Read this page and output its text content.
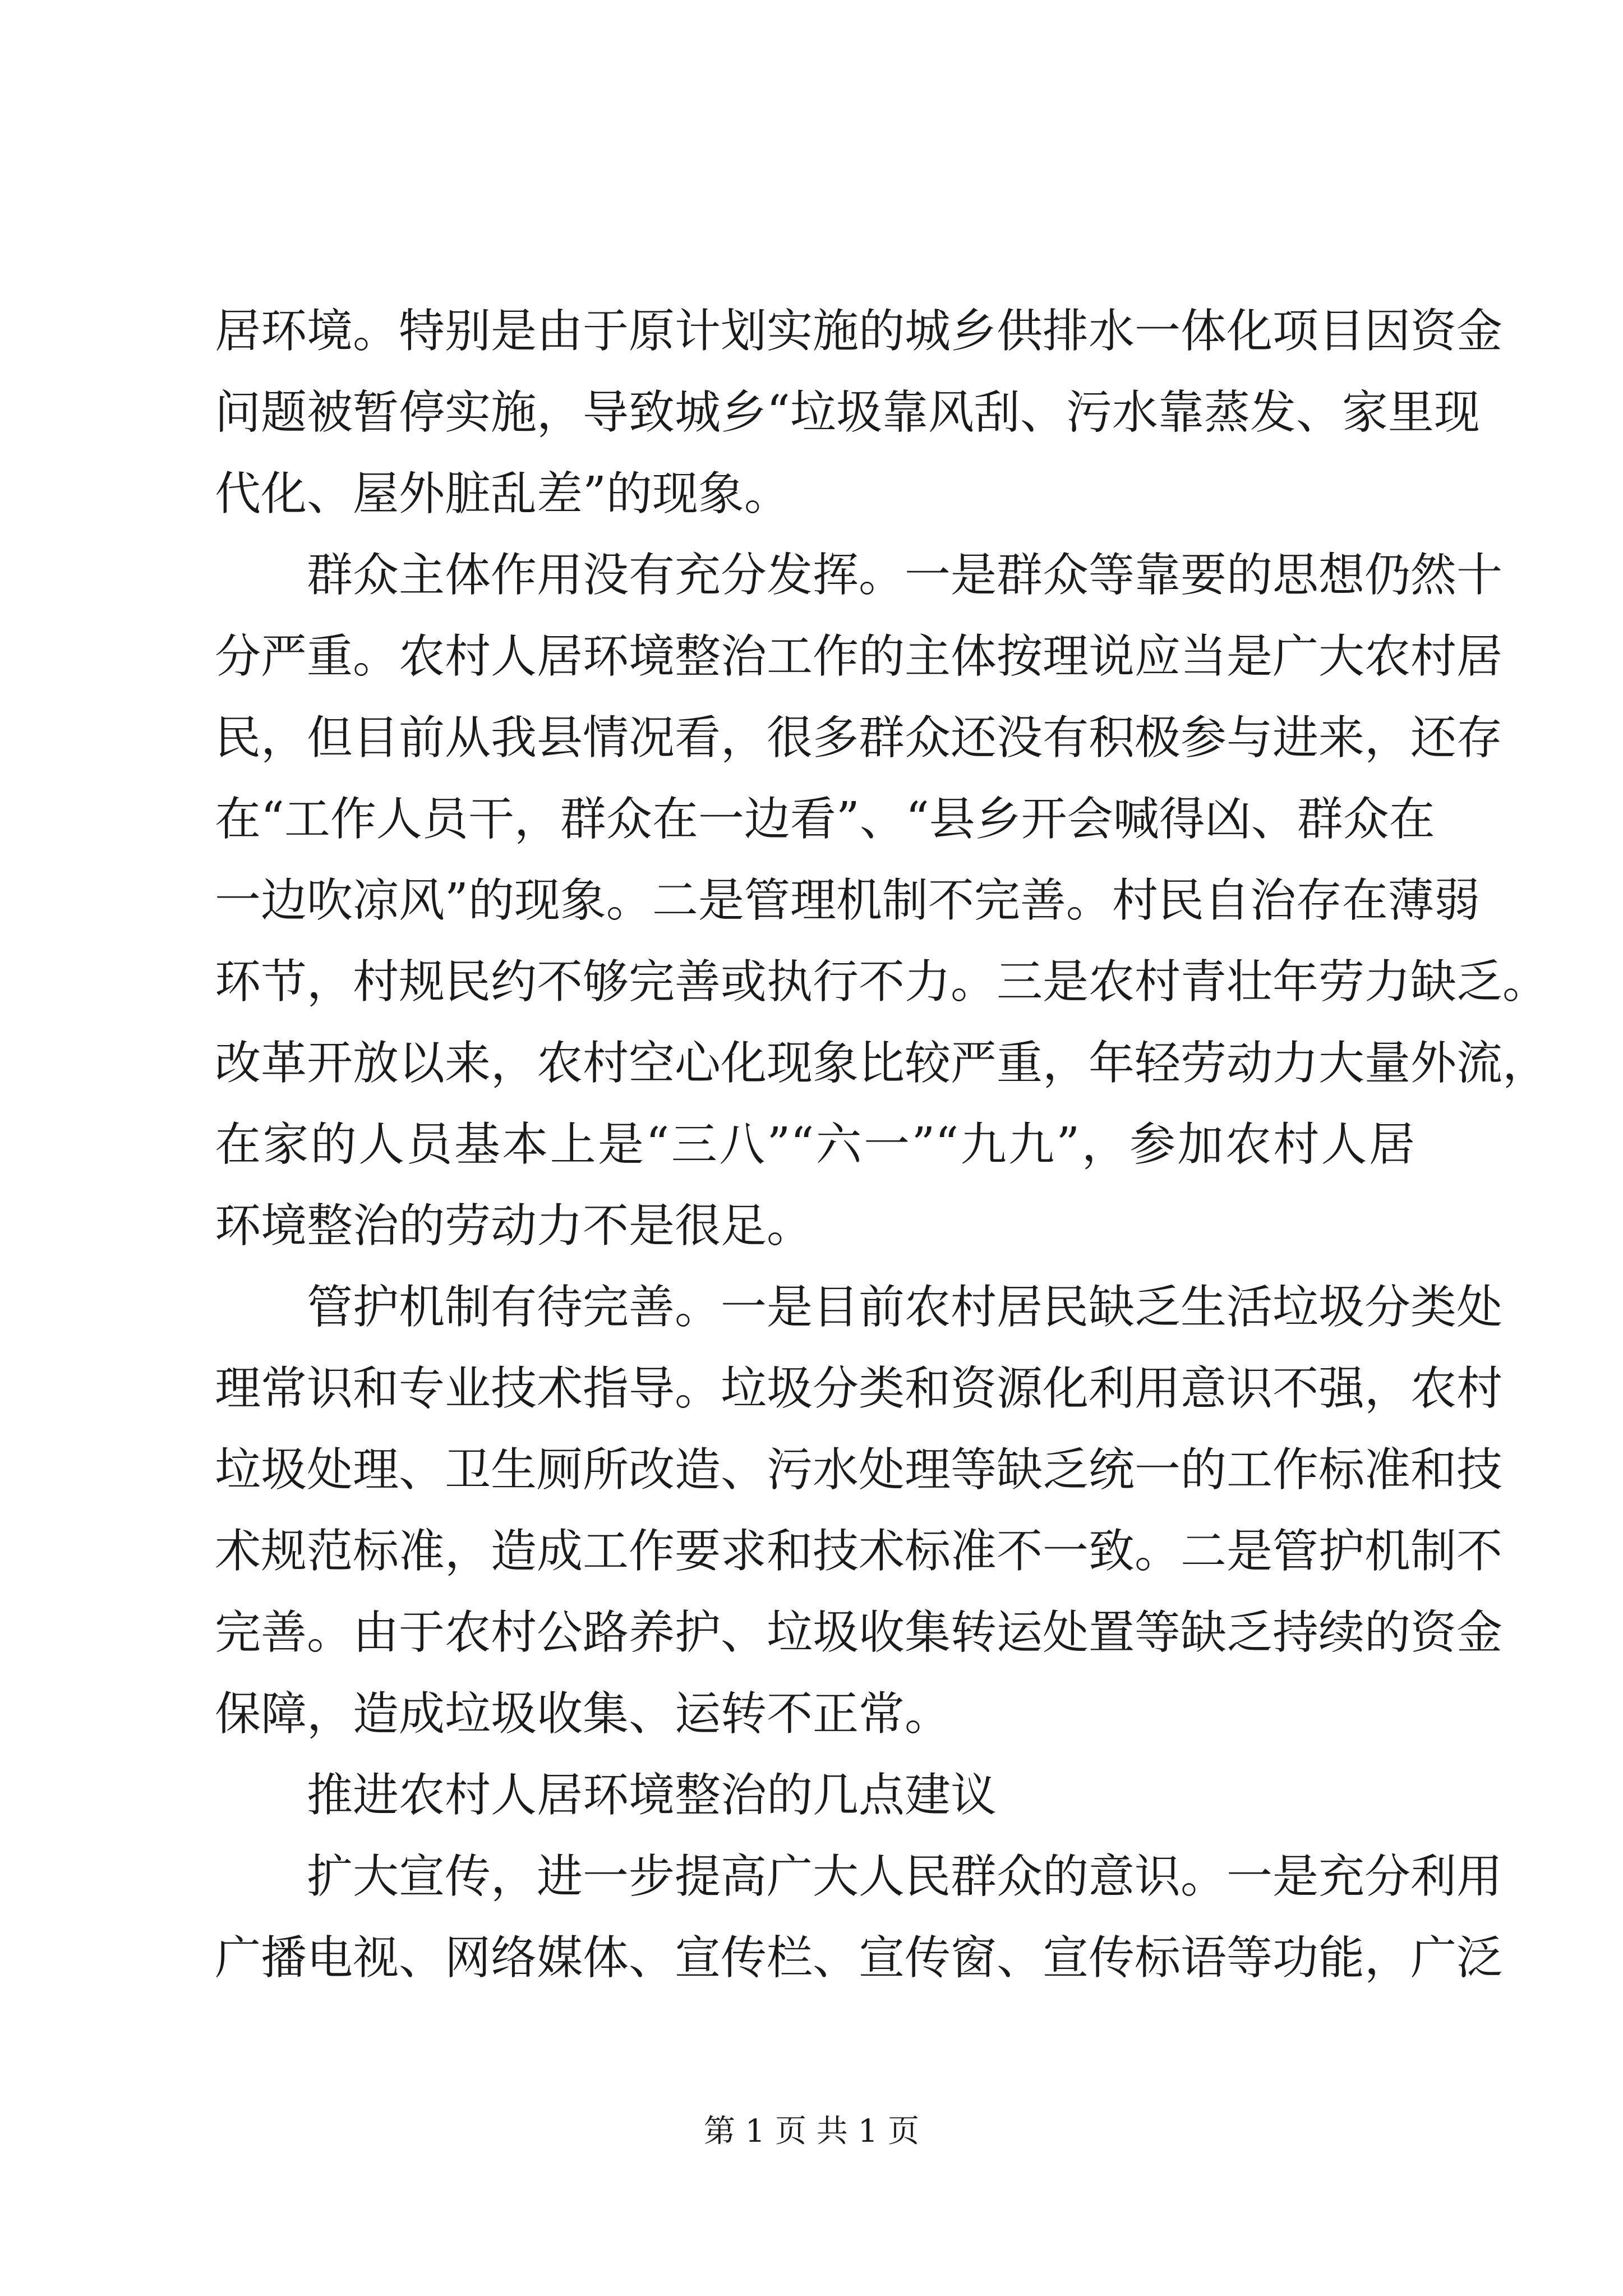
居环境。特别是由于原计划实施的城乡供排水一体化项目因资金
问题被暂停实施，导致城乡“垃圾靠风刮、污水靠蒸发、家里现
代化、屋外脏乱差”的现象。
群众主体作用没有充分发挥。一是群众等靠要的思想仍然十
分严重。农村人居环境整治工作的主体按理说应当是广大农村居
民，但目前从我县情况看，很多群众还没有积极参与进来，还存
在“工作人员干，群众在一边看”、“县乡开会喊得凶、群众在
一边吹凉风”的现象。二是管理机制不完善。村民自治存在薄弱
环节，村规民约不够完善或执行不力。三是农村青壮年劳力缺乏。
改革开放以来，农村空心化现象比较严重，年轻劳动力大量外流，
在家的人员基本上是“三八”“六一”“九九”，参加农村人居
环境整治的劳动力不是很足。
管护机制有待完善。一是目前农村居民缺乏生活垃圾分类处
理常识和专业技术指导。垃圾分类和资源化利用意识不强，农村
垃圾处理、卫生厕所改造、污水处理等缺乏统一的工作标准和技
术规范标准，造成工作要求和技术标准不一致。二是管护机制不
完善。由于农村公路养护、垃圾收集转运处置等缺乏持续的资金
保障，造成垃圾收集、运转不正常。
推进农村人居环境整治的几点建议
扩大宣传，进一步提高广大人民群众的意识。一是充分利用
广播电视、网络媒体、宣传栏、宣传窗、宣传标语等功能，广泛
第 1 页 共 1 页
